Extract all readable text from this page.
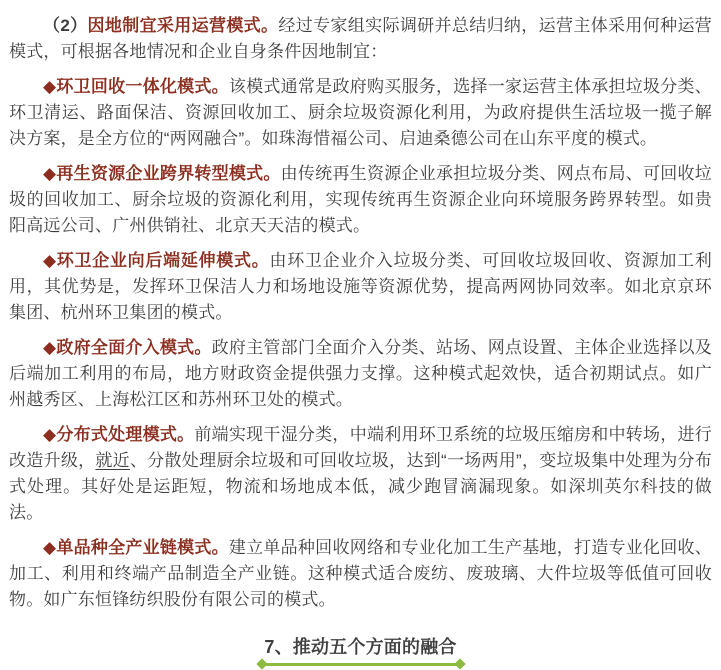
（2）因地制宜采用运营模式。经过专家组实际调研并总结归纳，运营主体采用何种运营模式，可根据各地情况和企业自身条件因地制宜：

◆环卫回收一体化模式。该模式通常是政府购买服务，选择一家运营主体承担垃圾分类、环卫清运、路面保洁、资源回收加工、厨余垃圾资源化利用，为政府提供生活垃圾一揽子解决方案，是全方位的“两网融合”。如珠海惜福公司、启迪桑德公司在山东平度的模式。

◆再生资源企业跨界转型模式。由传统再生资源企业承担垃圾分类、网点布局、可回收垃圾的回收加工、厨余垃圾的资源化利用，实现传统再生资源企业向环境服务跨界转型。如贵阳高远公司、广州供销社、北京天天洁的模式。

◆环卫企业向后端延伸模式。由环卫企业介入垃圾分类、可回收垃圾回收、资源加工利用，其优势是，发挥环卫保洁人力和场地设施等资源优势，提高两网协同效率。如北京京环集团、杭州环卫集团的模式。

◆政府全面介入模式。政府主管部门全面介入分类、站场、网点设置、主体企业选择以及后端加工利用的布局，地方财政资金提供强力支撑。这种模式起效快，适合初期试点。如广州越秀区、上海松江区和苏州环卫处的模式。

◆分布式处理模式。前端实现干湿分类，中端利用环卫系统的垃圾压缩房和中转场，进行改造升级，就近、分散处理厨余垃圾和可回收垃圾，达到“一场两用”，变垃圾集中处理为分布式处理。其好处是运距短，物流和场地成本低，减少跑冒滴漏现象。如深圳英尔科技的做法。

◆单品种全产业链模式。建立单品种回收网络和专业化加工生产基地，打造专业化回收、加工、利用和终端产品制造全产业链。这种模式适合废纺、废玻璃、大件垃圾等低值可回收物。如广东恒锋纺织股份有限公司的模式。

7、推动五个方面的融合
